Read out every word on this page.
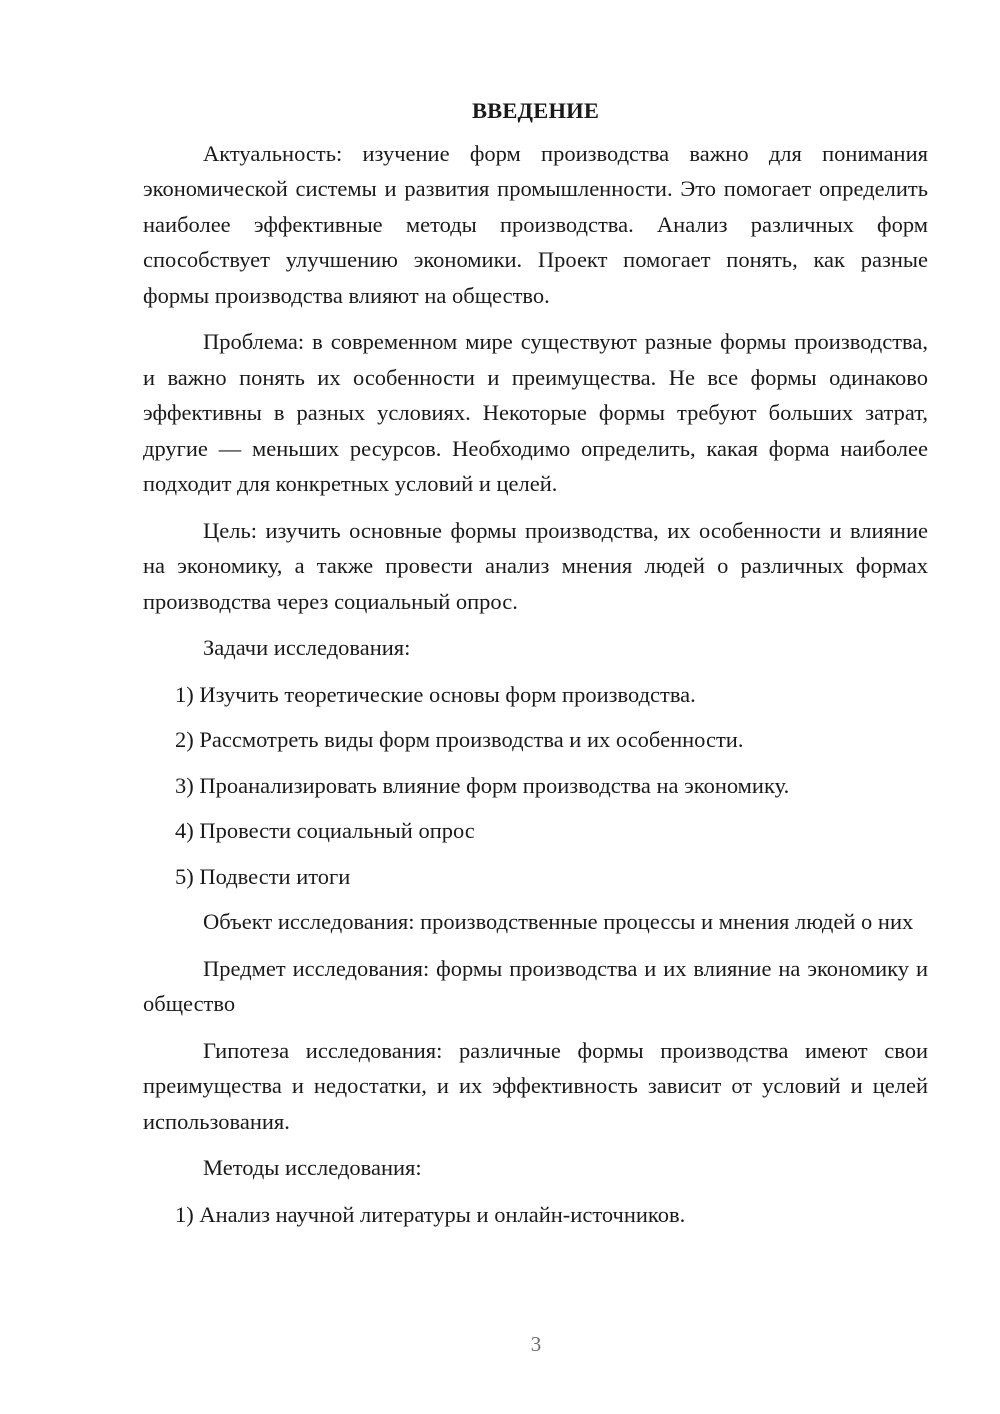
ВВЕДЕНИЕ

Актуальность: изучение форм производства важно для понимания экономической системы и развития промышленности. Это помогает определить наиболее эффективные методы производства. Анализ различных форм способствует улучшению экономики. Проект помогает понять, как разные формы производства влияют на общество.

Проблема: в современном мире существуют разные формы производства, и важно понять их особенности и преимущества. Не все формы одинаково эффективны в разных условиях. Некоторые формы требуют больших затрат, другие — меньших ресурсов. Необходимо определить, какая форма наиболее подходит для конкретных условий и целей.

Цель: изучить основные формы производства, их особенности и влияние на экономику, а также провести анализ мнения людей о различных формах производства через социальный опрос.

Задачи исследования:

1) Изучить теоретические основы форм производства.

2) Рассмотреть виды форм производства и их особенности.

3) Проанализировать влияние форм производства на экономику.

4) Провести социальный опрос

5) Подвести итоги

Объект исследования: производственные процессы и мнения людей о них

Предмет исследования: формы производства и их влияние на экономику и общество

Гипотеза исследования: различные формы производства имеют свои преимущества и недостатки, и их эффективность зависит от условий и целей использования.

Методы исследования:

1) Анализ научной литературы и онлайн-источников.

3
